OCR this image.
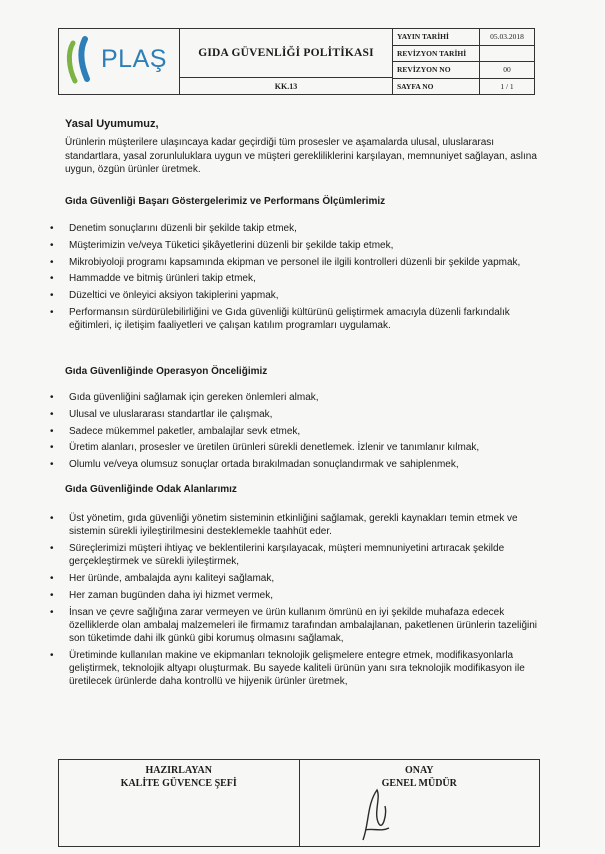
PLAŞ	GIDA GÜVENLİĞİ POLİTİKASI
KK.13
YAYIN TARİHİ	05.03.2018
REVİZYON TARİHİ
REVİZYON NO	00
SAYFA NO	1 / 1
Yasal Uyumumuz,
Ürünlerin müşterilere ulaşıncaya kadar geçirdiği tüm prosesler ve aşamalarda ulusal, uluslararası standartlara, yasal zorunluluklara uygun ve müşteri gerekliliklerini karşılayan, memnuniyet sağlayan, aslına uygun, özgün ürünler üretmek.
Gıda Güvenliği Başarı Göstergelerimiz ve Performans Ölçümlerimiz
• Denetim sonuçlarını düzenli bir şekilde takip etmek,
• Müşterimizin ve/veya Tüketici şikâyetlerini düzenli bir şekilde takip etmek,
• Mikrobiyoloji programı kapsamında ekipman ve personel ile ilgili kontrolleri düzenli bir şekilde yapmak,
• Hammadde ve bitmiş ürünleri takip etmek,
• Düzeltici ve önleyici aksiyon takiplerini yapmak,
• Performansın sürdürülebilirliğini ve Gıda güvenliği kültürünü geliştirmek amacıyla düzenli farkındalık eğitimleri, iç iletişim faaliyetleri ve çalışan katılım programları uygulamak.
Gıda Güvenliğinde Operasyon Önceliğimiz
• Gıda güvenliğini sağlamak için gereken önlemleri almak,
• Ulusal ve uluslararası standartlar ile çalışmak,
• Sadece mükemmel paketler, ambalajlar sevk etmek,
• Üretim alanları, prosesler ve üretilen ürünleri sürekli denetlemek. İzlenir ve tanımlanır kılmak,
• Olumlu ve/veya olumsuz sonuçlar ortada bırakılmadan sonuçlandırmak ve sahiplenmek,
Gıda Güvenliğinde Odak Alanlarımız
• Üst yönetim, gıda güvenliği yönetim sisteminin etkinliğini sağlamak, gerekli kaynakları temin etmek ve sistemin sürekli iyileştirilmesini desteklemekle taahhüt eder.
• Süreçlerimizi müşteri ihtiyaç ve beklentilerini karşılayacak, müşteri memnuniyetini artıracak şekilde gerçekleştirmek ve sürekli iyileştirmek,
• Her üründe, ambalajda aynı kaliteyi sağlamak,
• Her zaman bugünden daha iyi hizmet vermek,
• İnsan ve çevre sağlığına zarar vermeyen ve ürün kullanım ömrünü en iyi şekilde muhafaza edecek özelliklerde olan ambalaj malzemeleri ile firmamız tarafından ambalajlanan, paketlenen ürünlerin tazeliğini son tüketimde dahi ilk günkü gibi korumuş olmasını sağlamak,
• Üretiminde kullanılan makine ve ekipmanları teknolojik gelişmelere entegre etmek, modifikasyonlarla geliştirmek, teknolojik altyapı oluşturmak. Bu sayede kaliteli ürünün yanı sıra teknolojik modifikasyon ile üretilecek ürünlerde daha kontrollü ve hijyenik ürünler üretmek,
HAZIRLAYAN
KALİTE GÜVENCE ŞEFİ
ONAY
GENEL MÜDÜR
